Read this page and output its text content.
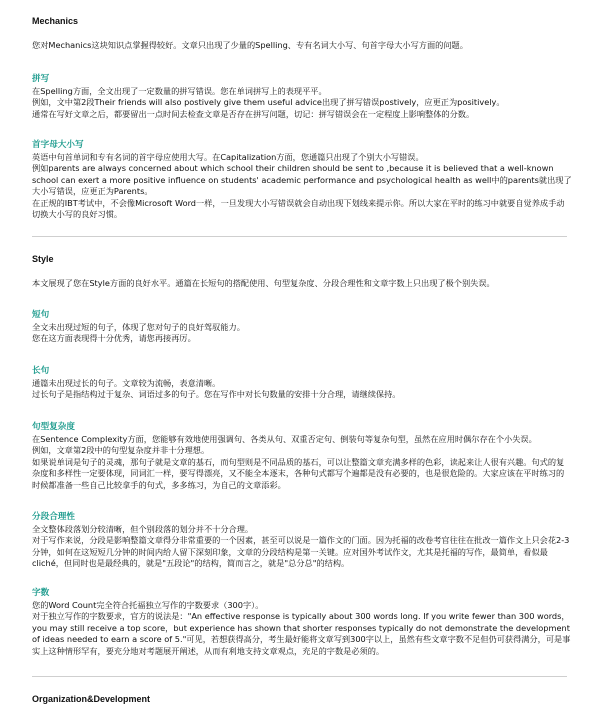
Mechanics

您对Mechanics这块知识点掌握得较好。文章只出现了少量的Spelling、专有名词大小写、句首字母大小写方面的问题。

拼写

在Spelling方面，全文出现了一定数量的拼写错误。您在单词拼写上的表现平平。

例如，文中第2段Their friends will also postively give them useful advice出现了拼写错误postively，应更正为positively。

通常在写好文章之后，都要留出一点时间去检查文章是否存在拼写问题，切记：拼写错误会在一定程度上影响整体的分数。

首字母大小写

英语中句首单词和专有名词的首字母应使用大写。在Capitalization方面，您通篇只出现了个别大小写错误。

例如parents are always concerned about which school their children should be sent to ,because it is believed that a well-known school can exert a more positive influence on students' academic performance and psychological health as well中的parents就出现了大小写错误，应更正为Parents。

在正规的IBT考试中，不会像Microsoft Word一样，一旦发现大小写错误就会自动出现下划线来提示你。所以大家在平时的练习中就要自觉养成手动切换大小写的良好习惯。

Style

本文展现了您在Style方面的良好水平。通篇在长短句的搭配使用、句型复杂度、分段合理性和文章字数上只出现了极个别失误。

短句

全文未出现过短的句子，体现了您对句子的良好驾驭能力。

您在这方面表现得十分优秀，请您再接再厉。

长句

通篇未出现过长的句子。文章较为流畅，表意清晰。

过长句子是指结构过于复杂、词语过多的句子。您在写作中对长句数量的安排十分合理，请继续保持。

句型复杂度

在Sentence Complexity方面，您能够有效地使用强调句、各类从句、双重否定句、倒装句等复杂句型，虽然在应用时偶尔存在个小失误。

例如，文章第2段中的句型复杂度并非十分理想。

如果说单词是句子的灵魂，那句子就是文章的基石，而句型则是不同品质的基石，可以让整篇文章充满多样的色彩，读起来让人很有兴趣。句式的复杂度和多样性一定要体现，同词汇一样，要写得漂亮，又不能全本逐末，各种句式都写个遍都是没有必要的，也是很危险的。大家应该在平时练习的时候都准备一些自己比较拿手的句式，多多练习，为自己的文章添彩。

分段合理性

全文整体段落划分较清晰，但个别段落的划分并不十分合理。

对于写作来说，分段是影响整篇文章得分非常重要的一个因素，甚至可以说是一篇作文的门面。因为托福的改卷考官往往在批改一篇作文上只会花2-3分钟，如何在这短短几分钟的时间内给人留下深刻印象，文章的分段结构是第一关键。应对国外考试作文，尤其是托福的写作，最简单，看似最cliché，但同时也是最经典的，就是"五段论"的结构，简而言之，就是"总分总"的结构。

字数

您的Word Count完全符合托福独立写作的字数要求（300字）。

对于独立写作的字数要求，官方的说法是："An effective response is typically about 300 words long. If you write fewer than 300 words，you may still receive a top score，but experience has shown that shorter responses typically do not demonstrate the development of ideas needed to earn a score of 5."可见，若想获得高分，考生最好能将文章写到300字以上，虽然有些文章字数不足但仍可获得满分，可是事实上这种情形罕有，要充分地对考题展开阐述，从而有利地支持文章观点，充足的字数是必须的。

Organization&Development
